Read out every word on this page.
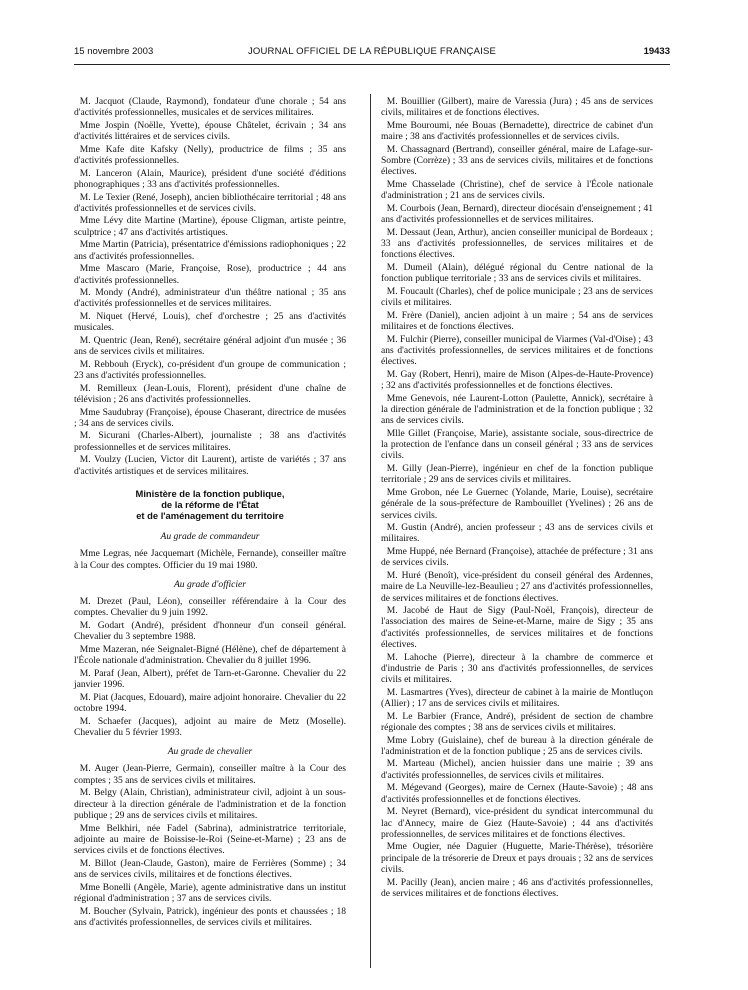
15 novembre 2003	JOURNAL OFFICIEL DE LA RÉPUBLIQUE FRANÇAISE	19433

M. Jacquot (Claude, Raymond), fondateur d'une chorale ; 54 ans d'activités professionnelles, musicales et de services militaires.

Mme Jospin (Noëlle, Yvette), épouse Châtelet, écrivain ; 34 ans d'activités littéraires et de services civils.

Mme Kafe dite Kafsky (Nelly), productrice de films ; 35 ans d'activités professionnelles.

M. Lanceron (Alain, Maurice), président d'une société d'éditions phonographiques ; 33 ans d'activités professionnelles.

M. Le Texier (René, Joseph), ancien bibliothécaire territorial ; 48 ans d'activités professionnelles et de services civils.

Mme Lévy dite Martine (Martine), épouse Cligman, artiste peintre, sculptrice ; 47 ans d'activités artistiques.

Mme Martin (Patricia), présentatrice d'émissions radiophoniques ; 22 ans d'activités professionnelles.

Mme Mascaro (Marie, Françoise, Rose), productrice ; 44 ans d'activités professionnelles.

M. Mondy (André), administrateur d'un théâtre national ; 35 ans d'activités professionnelles et de services militaires.

M. Niquet (Hervé, Louis), chef d'orchestre ; 25 ans d'activités musicales.

M. Quentric (Jean, René), secrétaire général adjoint d'un musée ; 36 ans de services civils et militaires.

M. Rebbouh (Eryck), co-président d'un groupe de communication ; 23 ans d'activités professionnelles.

M. Remilleux (Jean-Louis, Florent), président d'une chaîne de télévision ; 26 ans d'activités professionnelles.

Mme Saudubray (Françoise), épouse Chaserant, directrice de musées ; 34 ans de services civils.

M. Sicurani (Charles-Albert), journaliste ; 38 ans d'activités professionnelles et de services militaires.

M. Voulzy (Lucien, Victor dit Laurent), artiste de variétés ; 37 ans d'activités artistiques et de services militaires.

Ministère de la fonction publique,
de la réforme de l'État
et de l'aménagement du territoire
Au grade de commandeur

Mme Legras, née Jacquemart (Michèle, Fernande), conseiller maître à la Cour des comptes. Officier du 19 mai 1980.

Au grade d'officier

M. Drezet (Paul, Léon), conseiller référendaire à la Cour des comptes. Chevalier du 9 juin 1992.

M. Godart (André), président d'honneur d'un conseil général. Chevalier du 3 septembre 1988.

Mme Mazeran, née Seignalet-Bigné (Hélène), chef de département à l'École nationale d'administration. Chevalier du 8 juillet 1996.

M. Paraf (Jean, Albert), préfet de Tarn-et-Garonne. Chevalier du 22 janvier 1996.

M. Piat (Jacques, Edouard), maire adjoint honoraire. Chevalier du 22 octobre 1994.

M. Schaefer (Jacques), adjoint au maire de Metz (Moselle). Chevalier du 5 février 1993.

Au grade de chevalier

M. Auger (Jean-Pierre, Germain), conseiller maître à la Cour des comptes ; 35 ans de services civils et militaires.

M. Belgy (Alain, Christian), administrateur civil, adjoint à un sous-directeur à la direction générale de l'administration et de la fonction publique ; 29 ans de services civils et militaires.

Mme Belkhiri, née Fadel (Sabrina), administratrice territoriale, adjointe au maire de Boissise-le-Roi (Seine-et-Marne) ; 23 ans de services civils et de fonctions électives.

M. Billot (Jean-Claude, Gaston), maire de Ferrières (Somme) ; 34 ans de services civils, militaires et de fonctions électives.

Mme Bonelli (Angèle, Marie), agente administrative dans un institut régional d'administration ; 37 ans de services civils.

M. Boucher (Sylvain, Patrick), ingénieur des ponts et chaussées ; 18 ans d'activités professionnelles, de services civils et militaires.

M. Bouillier (Gilbert), maire de Varessia (Jura) ; 45 ans de services civils, militaires et de fonctions électives.

Mme Bouroumi, née Bouas (Bernadette), directrice de cabinet d'un maire ; 38 ans d'activités professionnelles et de services civils.

M. Chassagnard (Bertrand), conseiller général, maire de Lafage-sur-Sombre (Corrèze) ; 33 ans de services civils, militaires et de fonctions électives.

Mme Chasselade (Christine), chef de service à l'École nationale d'administration ; 21 ans de services civils.

M. Courbois (Jean, Bernard), directeur diocésain d'enseignement ; 41 ans d'activités professionnelles et de services militaires.

M. Dessaut (Jean, Arthur), ancien conseiller municipal de Bordeaux ; 33 ans d'activités professionnelles, de services militaires et de fonctions électives.

M. Dumeil (Alain), délégué régional du Centre national de la fonction publique territoriale ; 33 ans de services civils et militaires.

M. Foucault (Charles), chef de police municipale ; 23 ans de services civils et militaires.

M. Frère (Daniel), ancien adjoint à un maire ; 54 ans de services militaires et de fonctions électives.

M. Fulchir (Pierre), conseiller municipal de Viarmes (Val-d'Oise) ; 43 ans d'activités professionnelles, de services militaires et de fonctions électives.

M. Gay (Robert, Henri), maire de Mison (Alpes-de-Haute-Provence) ; 32 ans d'activités professionnelles et de fonctions électives.

Mme Genevois, née Laurent-Lotton (Paulette, Annick), secrétaire à la direction générale de l'administration et de la fonction publique ; 32 ans de services civils.

Mlle Gillet (Françoise, Marie), assistante sociale, sous-directrice de la protection de l'enfance dans un conseil général ; 33 ans de services civils.

M. Gilly (Jean-Pierre), ingénieur en chef de la fonction publique territoriale ; 29 ans de services civils et militaires.

Mme Grobon, née Le Guernec (Yolande, Marie, Louise), secrétaire générale de la sous-préfecture de Rambouillet (Yvelines) ; 26 ans de services civils.

M. Gustin (André), ancien professeur ; 43 ans de services civils et militaires.

Mme Huppé, née Bernard (Françoise), attachée de préfecture ; 31 ans de services civils.

M. Huré (Benoît), vice-président du conseil général des Ardennes, maire de La Neuville-lez-Beaulieu ; 27 ans d'activités professionnelles, de services militaires et de fonctions électives.

M. Jacobé de Haut de Sigy (Paul-Noël, François), directeur de l'association des maires de Seine-et-Marne, maire de Sigy ; 35 ans d'activités professionnelles, de services militaires et de fonctions électives.

M. Lahoche (Pierre), directeur à la chambre de commerce et d'industrie de Paris ; 30 ans d'activités professionnelles, de services civils et militaires.

M. Lasmartres (Yves), directeur de cabinet à la mairie de Montluçon (Allier) ; 17 ans de services civils et militaires.

M. Le Barbier (France, André), président de section de chambre régionale des comptes ; 38 ans de services civils et militaires.

Mme Lobry (Guislaine), chef de bureau à la direction générale de l'administration et de la fonction publique ; 25 ans de services civils.

M. Marteau (Michel), ancien huissier dans une mairie ; 39 ans d'activités professionnelles, de services civils et militaires.

M. Mégevand (Georges), maire de Cernex (Haute-Savoie) ; 48 ans d'activités professionnelles et de fonctions électives.

M. Neyret (Bernard), vice-président du syndicat intercommunal du lac d'Annecy, maire de Giez (Haute-Savoie) ; 44 ans d'activités professionnelles, de services militaires et de fonctions électives.

Mme Ougier, née Daguier (Huguette, Marie-Thérèse), trésorière principale de la trésorerie de Dreux et pays drouais ; 32 ans de services civils.

M. Pacilly (Jean), ancien maire ; 46 ans d'activités professionnelles, de services militaires et de fonctions électives.
